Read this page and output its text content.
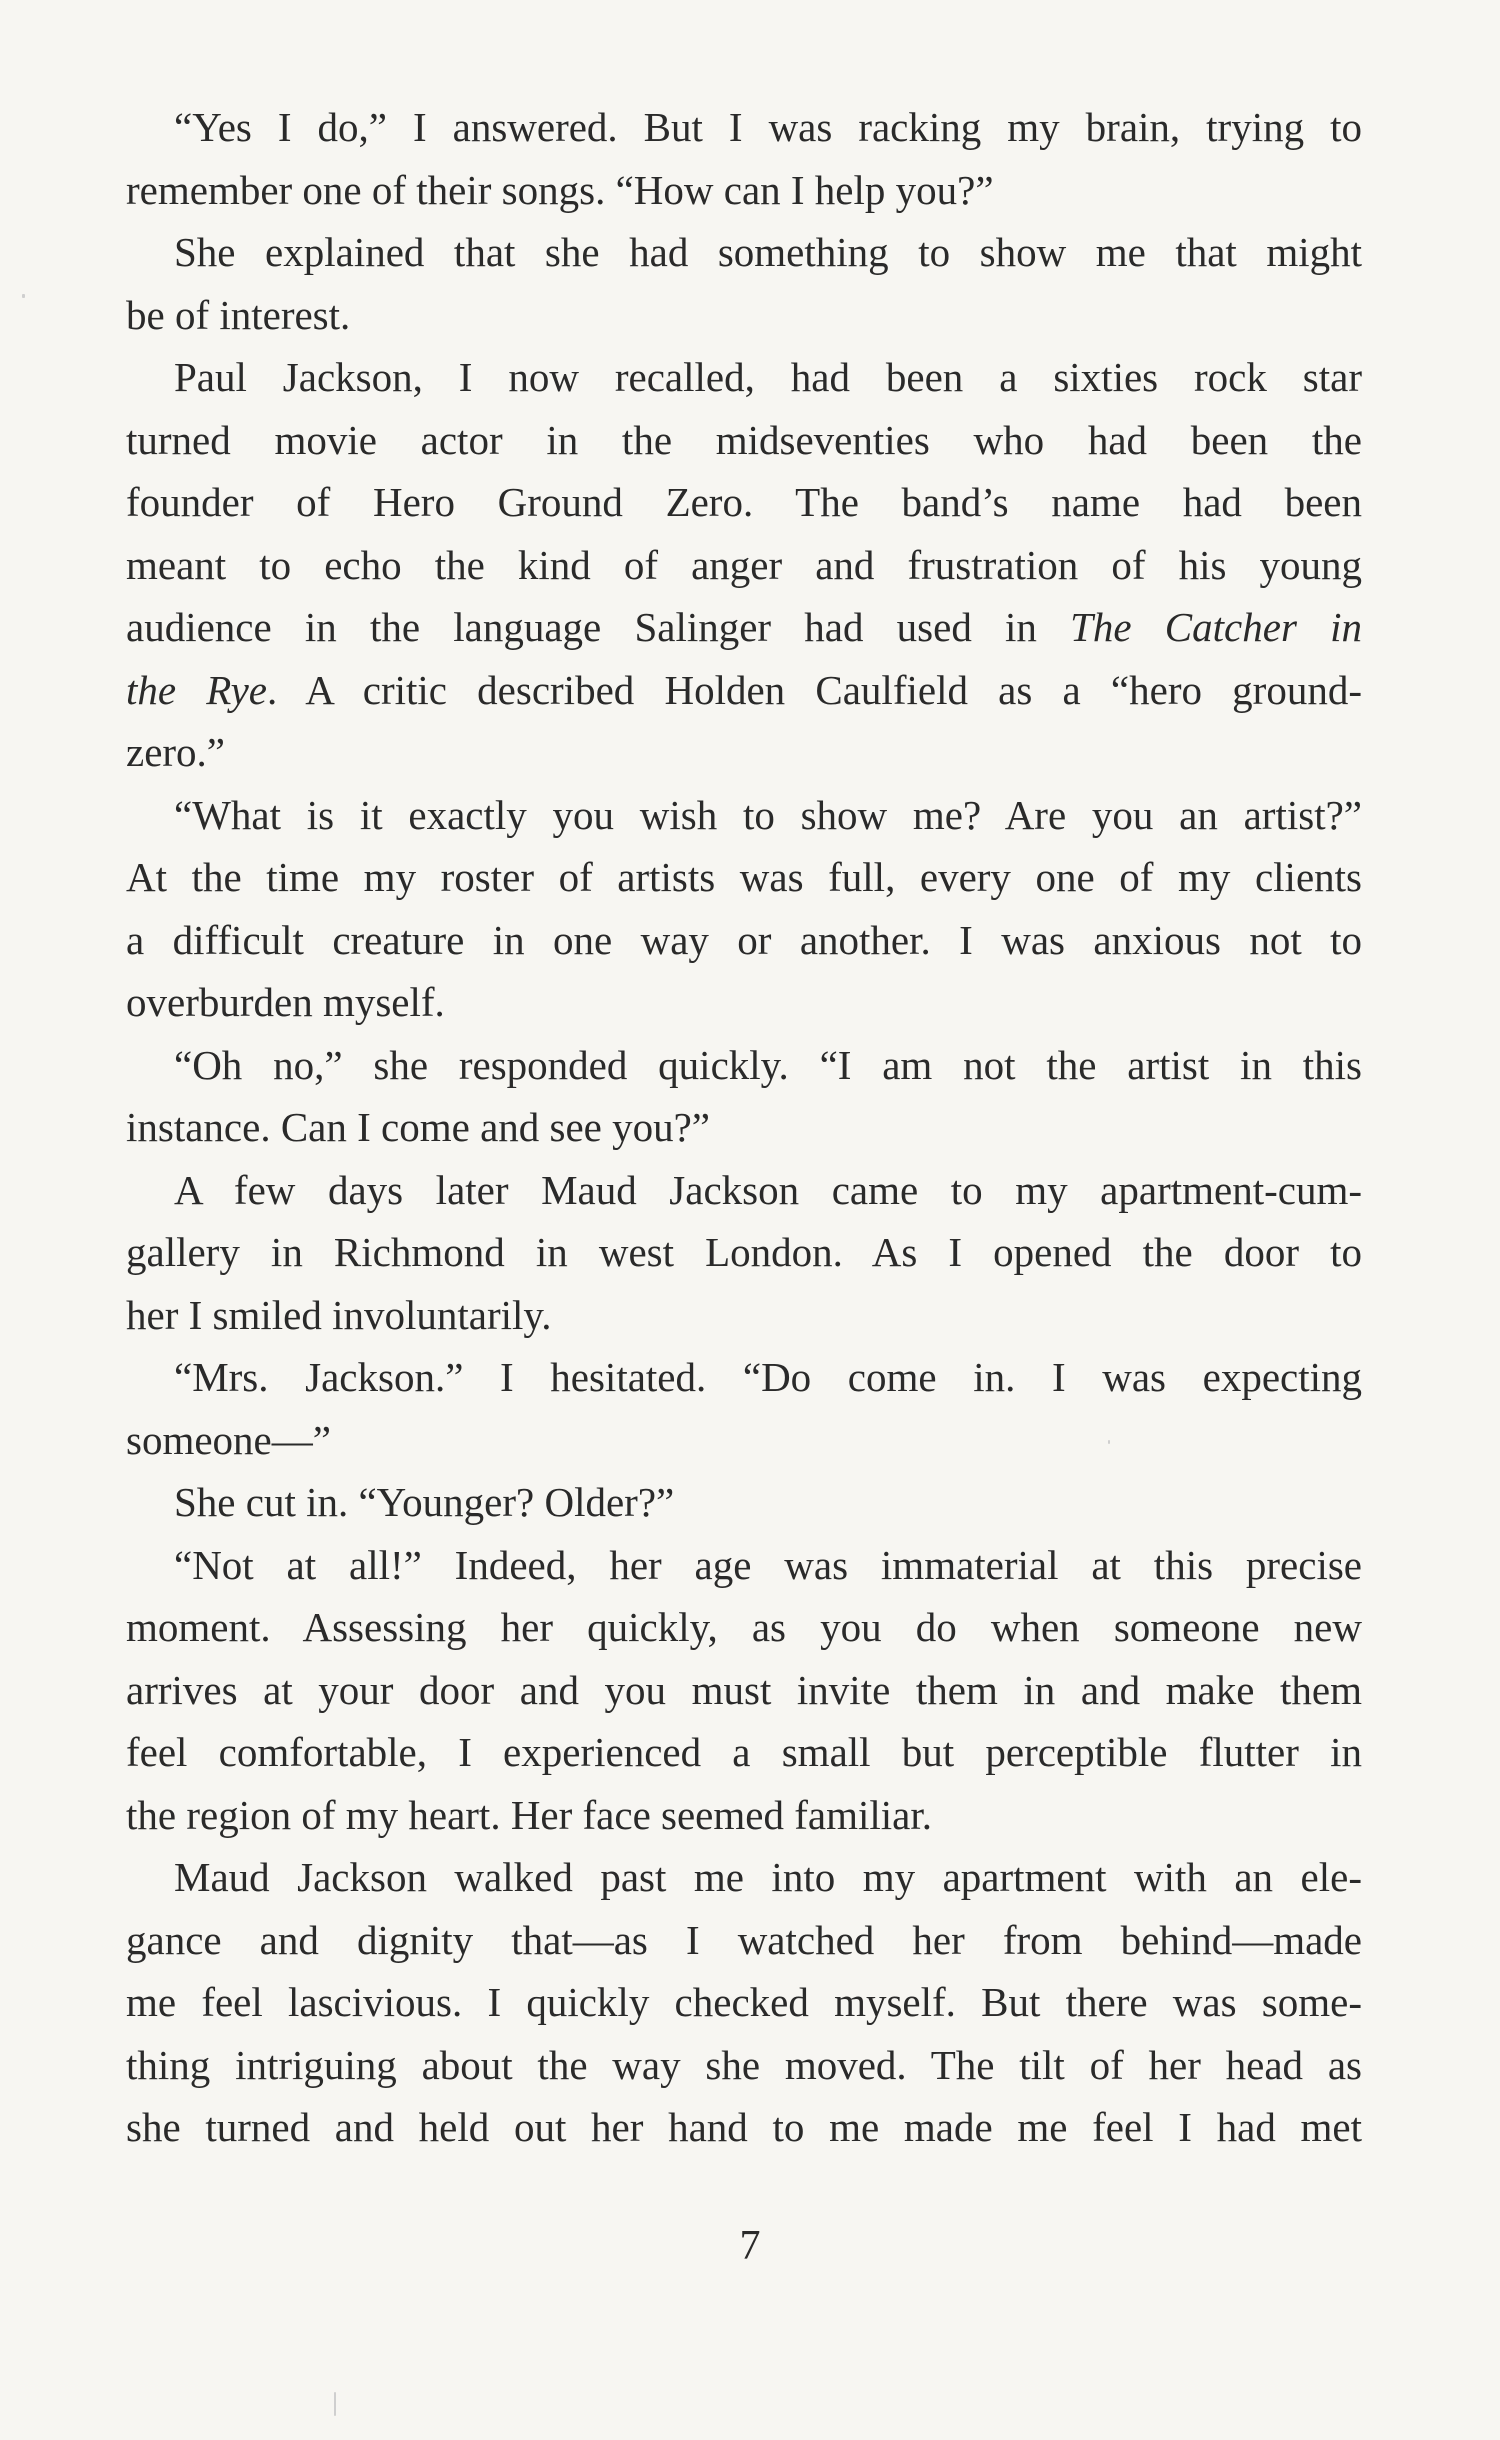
“Yes I do,” I answered. But I was racking my brain, trying to
remember one of their songs. “How can I help you?”
She explained that she had something to show me that might
be of interest.
Paul Jackson, I now recalled, had been a sixties rock star
turned movie actor in the midseventies who had been the
founder of Hero Ground Zero. The band’s name had been
meant to echo the kind of anger and frustration of his young
audience in the language Salinger had used in The Catcher in
the Rye. A critic described Holden Caulfield as a “hero ground-
zero.”
“What is it exactly you wish to show me? Are you an artist?”
At the time my roster of artists was full, every one of my clients
a difficult creature in one way or another. I was anxious not to
overburden myself.
“Oh no,” she responded quickly. “I am not the artist in this
instance. Can I come and see you?”
A few days later Maud Jackson came to my apartment-cum-
gallery in Richmond in west London. As I opened the door to
her I smiled involuntarily.
“Mrs. Jackson.” I hesitated. “Do come in. I was expecting
someone—”
She cut in. “Younger? Older?”
“Not at all!” Indeed, her age was immaterial at this precise
moment. Assessing her quickly, as you do when someone new
arrives at your door and you must invite them in and make them
feel comfortable, I experienced a small but perceptible flutter in
the region of my heart. Her face seemed familiar.
Maud Jackson walked past me into my apartment with an ele-
gance and dignity that—as I watched her from behind—made
me feel lascivious. I quickly checked myself. But there was some-
thing intriguing about the way she moved. The tilt of her head as
she turned and held out her hand to me made me feel I had met
7
